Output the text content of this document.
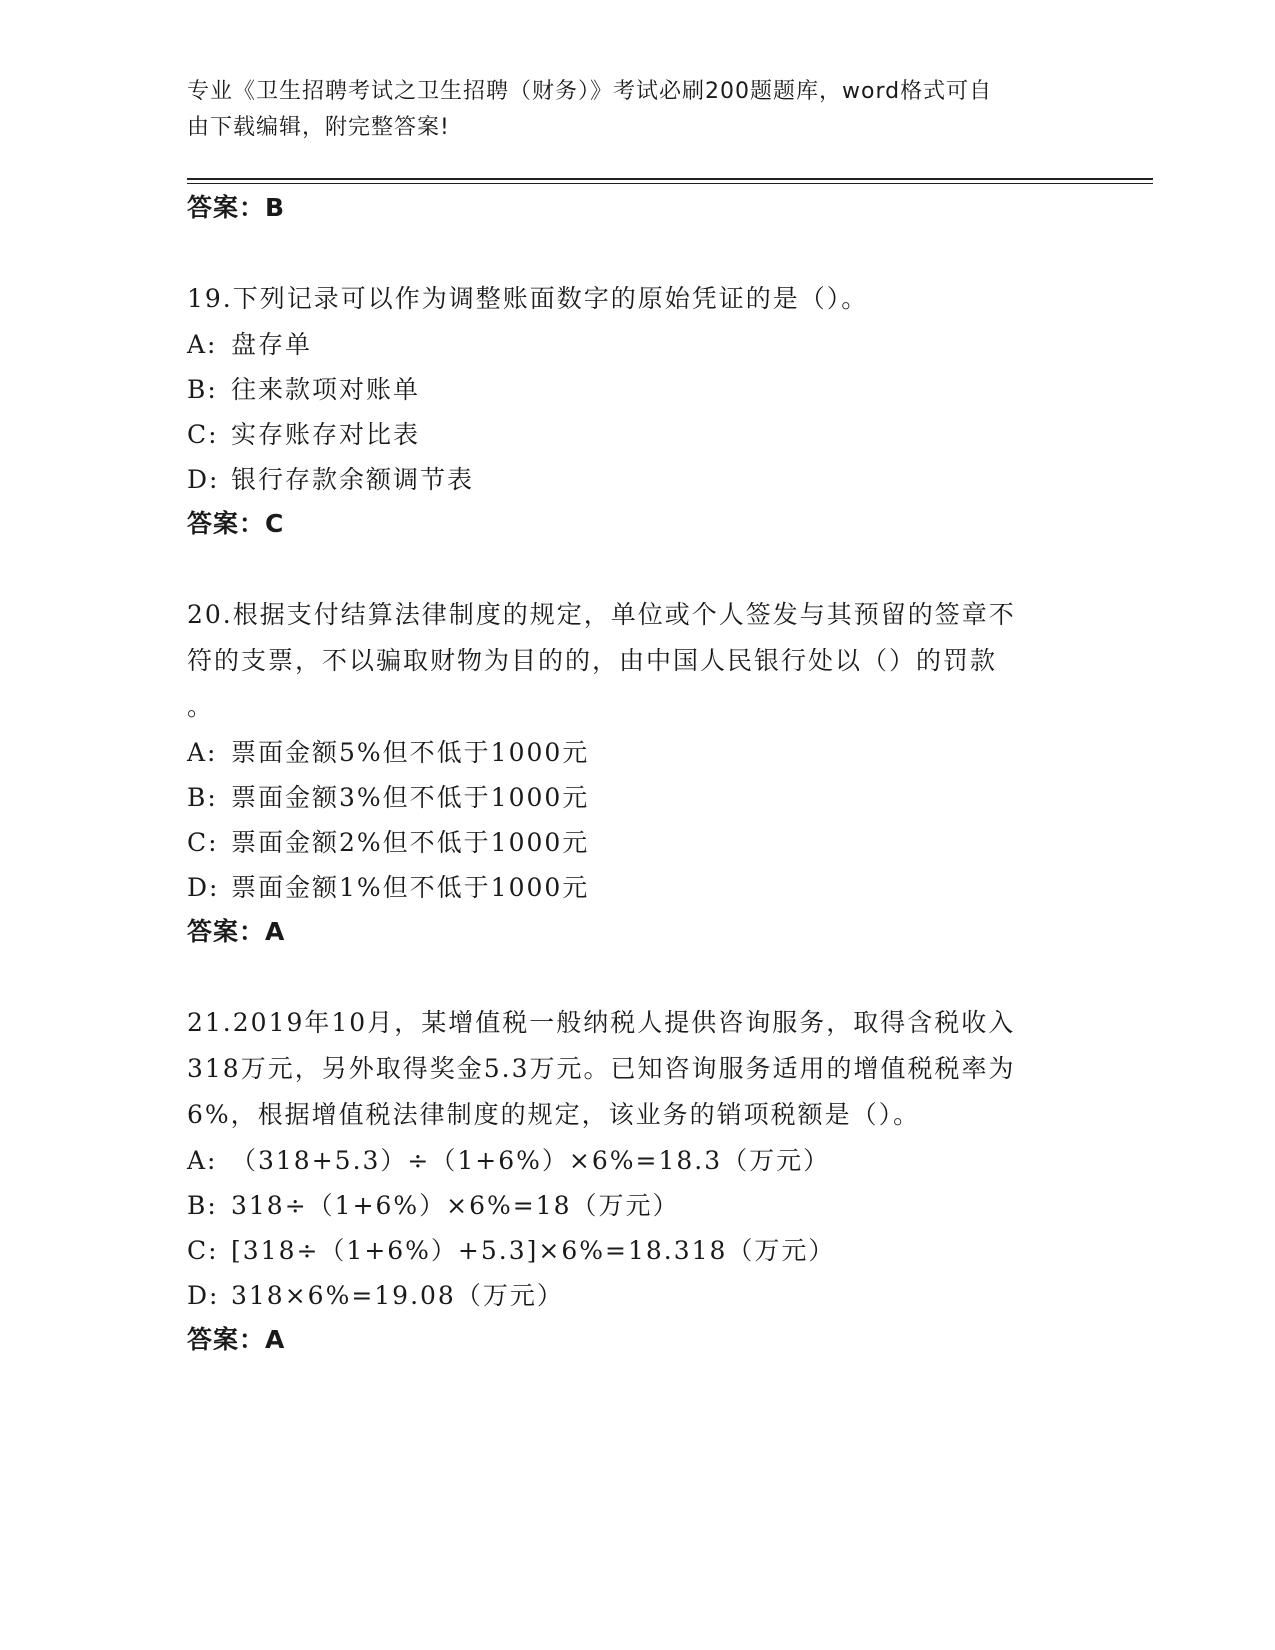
专业《卫生招聘考试之卫生招聘（财务）》考试必刷200题题库，word格式可自
由下载编辑，附完整答案!
答案：B
19.下列记录可以作为调整账面数字的原始凭证的是（）。
A: 盘存单
B: 往来款项对账单
C: 实存账存对比表
D: 银行存款余额调节表
答案：C
20.根据支付结算法律制度的规定，单位或个人签发与其预留的签章不
符的支票，不以骗取财物为目的的，由中国人民银行处以（）的罚款
。
A: 票面金额5%但不低于1000元
B: 票面金额3%但不低于1000元
C: 票面金额2%但不低于1000元
D: 票面金额1%但不低于1000元
答案：A
21.2019年10月，某增值税一般纳税人提供咨询服务，取得含税收入
318万元，另外取得奖金5.3万元。已知咨询服务适用的增值税税率为
6%，根据增值税法律制度的规定，该业务的销项税额是（）。
A: （318+5.3）÷（1+6%）×6%=18.3（万元）
B: 318÷（1+6%）×6%=18（万元）
C: [318÷（1+6%）+5.3]×6%=18.318（万元）
D: 318×6%=19.08（万元）
答案：A
